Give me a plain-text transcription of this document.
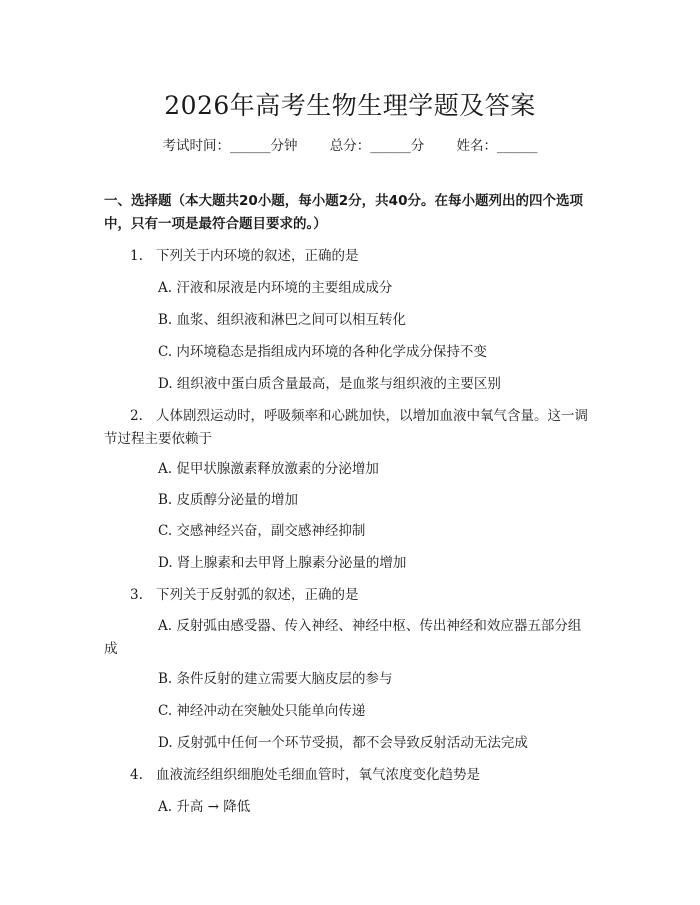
2026年高考生物生理学题及答案
考试时间：______分钟 总分：______分 姓名：______
一、选择题（本大题共20小题，每小题2分，共40分。在每小题列出的四个选项中，只有一项是最符合题目要求的。）
1. 下列关于内环境的叙述，正确的是
A. 汗液和尿液是内环境的主要组成成分
B. 血浆、组织液和淋巴之间可以相互转化
C. 内环境稳态是指组成内环境的各种化学成分保持不变
D. 组织液中蛋白质含量最高，是血浆与组织液的主要区别
2. 人体剧烈运动时，呼吸频率和心跳加快，以增加血液中氧气含量。这一调
节过程主要依赖于
A. 促甲状腺激素释放激素的分泌增加
B. 皮质醇分泌量的增加
C. 交感神经兴奋，副交感神经抑制
D. 肾上腺素和去甲肾上腺素分泌量的增加
3. 下列关于反射弧的叙述，正确的是
A. 反射弧由感受器、传入神经、神经中枢、传出神经和效应器五部分组
成
B. 条件反射的建立需要大脑皮层的参与
C. 神经冲动在突触处只能单向传递
D. 反射弧中任何一个环节受损，都不会导致反射活动无法完成
4. 血液流经组织细胞处毛细血管时，氧气浓度变化趋势是
A. 升高 → 降低
